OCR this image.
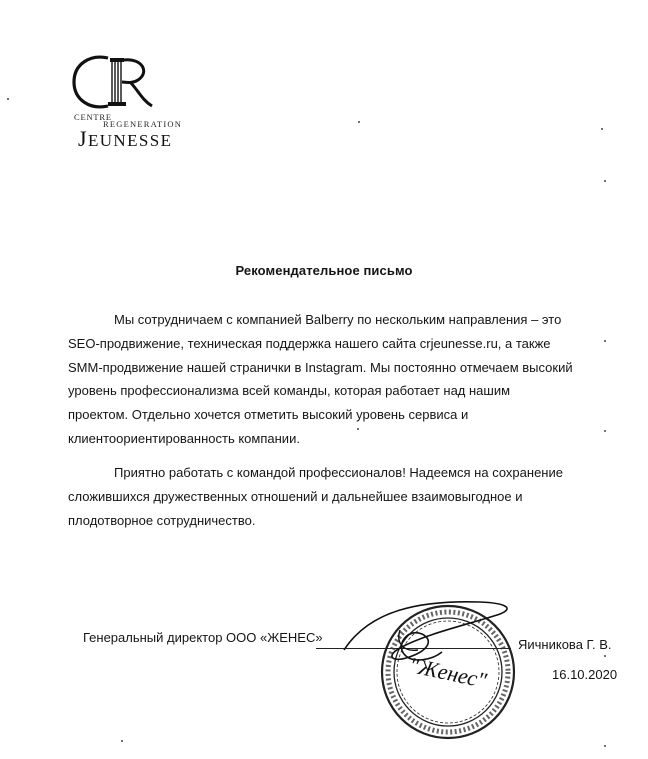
CENTRE
REGENERATION
JEUNESSE
Рекомендательное письмо
Мы сотрудничаем с компанией Balberry по нескольким направления – это
SEO-продвижение, техническая поддержка нашего сайта crjeunesse.ru, а также
SMM-продвижение нашей странички в Instagram. Мы постоянно отмечаем высокий
уровень профессионализма всей команды, которая работает над нашим
проектом. Отдельно хочется отметить высокий уровень сервиса и
клиентоориентированность компании.
Приятно работать с командой профессионалов! Надеемся на сохранение
сложившихся дружественных отношений и дальнейшее взаимовыгодное и
плодотворное сотрудничество.
Генеральный директор ООО «ЖЕНЕС»
"Женес"
Яичникова Г. В.
16.10.2020
